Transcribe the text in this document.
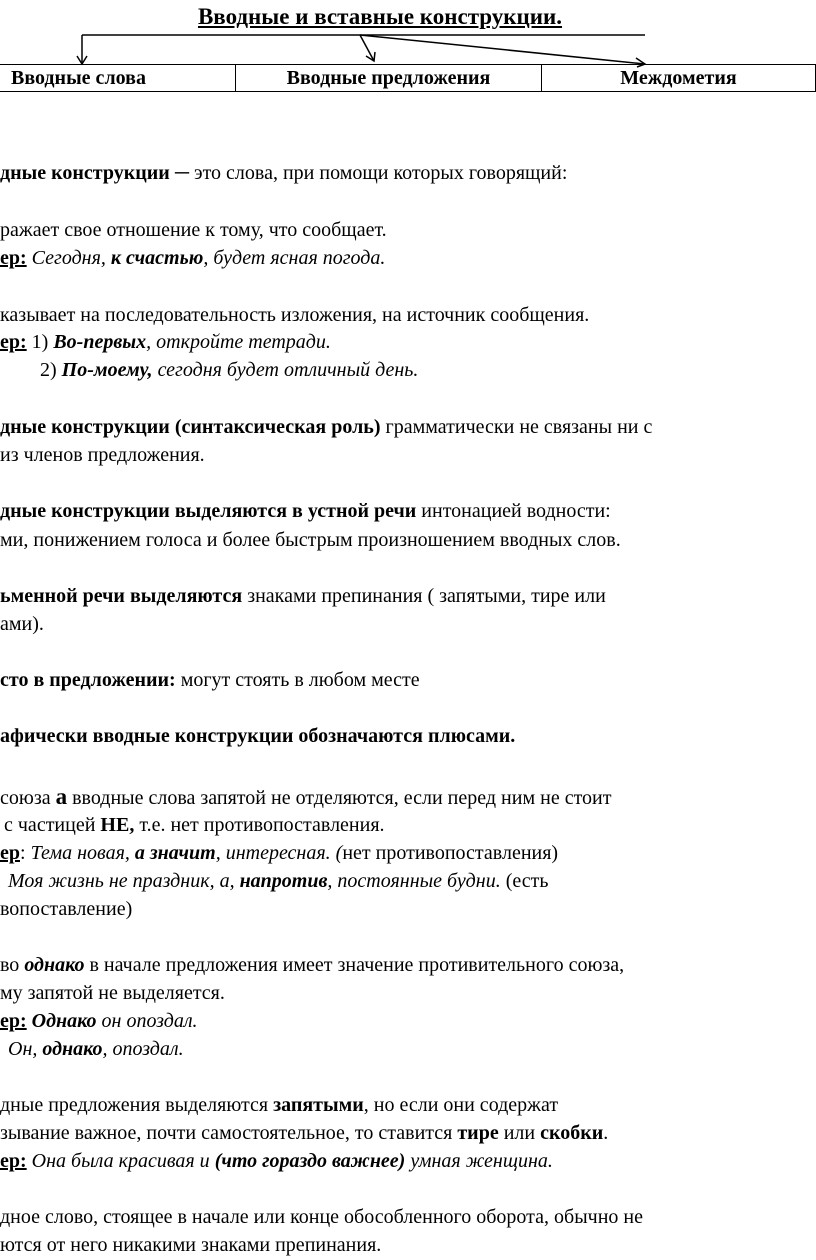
Вводные и вставные конструкции.
Вводные слова	Вводные предложения	Междометия
дные конструкции ─ это слова, при помощи которых говорящий:
ражает свое отношение к тому, что сообщает.
ер: Сегодня, к счастью, будет ясная погода.
казывает на последовательность изложения, на источник сообщения.
ер: 1) Во-первых, откройте тетради.
2) По-моему, сегодня будет отличный день.
дные конструкции (синтаксическая роль) грамматически не связаны ни с
из членов предложения.
дные конструкции выделяются в устной речи интонацией водности:
ми, понижением голоса и более быстрым произношением вводных слов.
ьменной речи выделяются знаками препинания ( запятыми, тире или
ами).
сто в предложении: могут стоять в любом месте
афически вводные конструкции обозначаются плюсами.
союза а вводные слова запятой не отделяются, если перед ним не стоит
с частицей НЕ, т.е. нет противопоставления.
ер: Тема новая, а значит, интересная. (нет противопоставления)
Моя жизнь не праздник, а, напротив, постоянные будни. (есть
вопоставление)
во однако в начале предложения имеет значение противительного союза,
му запятой не выделяется.
ер: Однако он опоздал.
Он, однако, опоздал.
дные предложения выделяются запятыми, но если они содержат
зывание важное, почти самостоятельное, то ставится тире или скобки.
ер: Она была красивая и (что гораздо важнее) умная женщина.
дное слово, стоящее в начале или конце обособленного оборота, обычно не
ются от него никакими знаками препинания.
